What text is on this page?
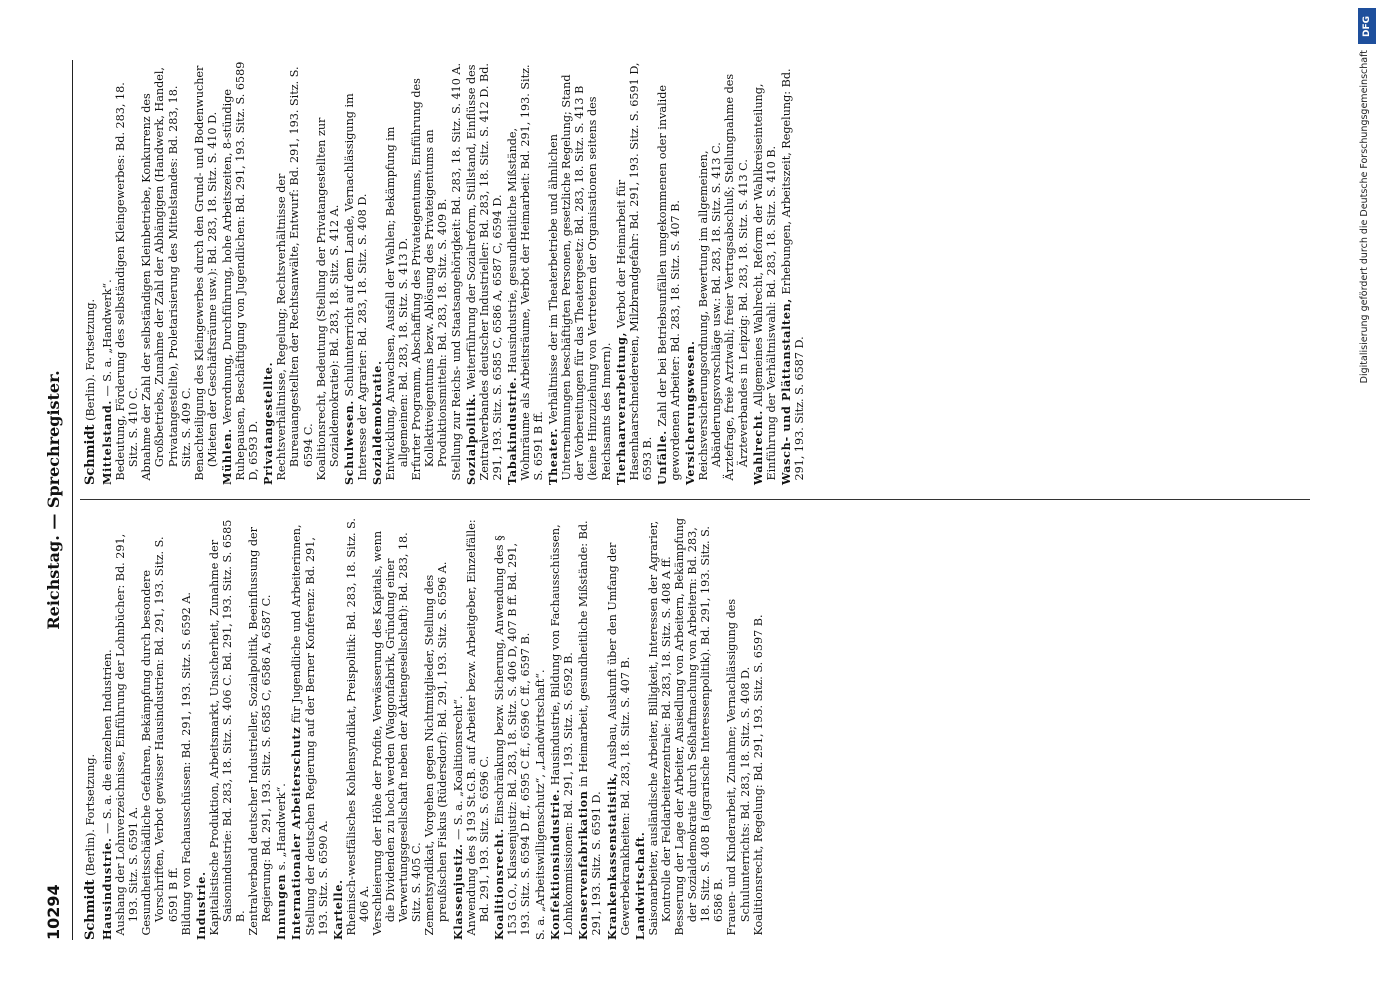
10294
Reichstag. — Sprechregister.
Schmidt (Berlin). Fortsetzung.

Hausindustrie. — S. a. die einzelnen Industrien. Aushang der Lohnverzeichnisse, Einführung der Lohnbücher: Bd. 291, 193. Sitz. S. 6591 A. Gesundheitsschädliche Gefahren, Bekämpfung durch besondere Vorschriften, Verbot gewisser Hausindustrien: Bd. 291, 193. Sitz. S. 6591 B ff. Bildung von Fachausschüssen: Bd. 291, 193. Sitz. S. 6592 A. Industrie. Kapitalistische Produktion, Arbeitsmarkt, Unsicherheit, Zunahme der Saisonindustrie: Bd. 283, 18. Sitz. S. 406 C. Bd. 291, 193. Sitz. S. 6585 B. Zentralverband deutscher Industrieller, Sozialpolitik, Beeinflussung der Regierung: Bd. 291, 193. Sitz. S. 6585 C, 6586 A, 6587 C. Innungen s. „Handwerk“. Internationaler Arbeiterschutz für Jugendliche und Arbeiterinnen, Stellung der deutschen Regierung auf der Berner Konferenz: Bd. 291, 193. Sitz. S. 6590 A. Kartelle. Rheinisch-westfälisches Kohlensyndikat, Preispolitik: Bd. 283, 18. Sitz. S. 406 A. Verschleierung der Höhe der Profite, Verwässerung des Kapitals, wenn die Dividenden zu hoch werden (Waggonfabrik, Gründung einer Verwertungsgesellschaft neben der Aktiengesellschaft): Bd. 283, 18. Sitz. S. 405 C. Zementsyndikat, Vorgehen gegen Nichtmitglieder, Stellung des preußischen Fiskus (Rüdersdorf): Bd. 291, 193. Sitz. S. 6596 A. Klassenjustiz. — S. a. „Koalitionsrecht“. Anwendung des § 193 St.G.B. auf Arbeiter bezw. Arbeitgeber, Einzelfälle: Bd. 291, 193. Sitz. S. 6596 C. Koalitionsrecht. Einschränkung bezw. Sicherung, Anwendung des § 153 G.O., Klassenjustiz: Bd. 283, 18. Sitz. S. 406 D, 407 B ff. Bd. 291, 193. Sitz. S. 6594 D ff., 6595 C ff., 6596 C ff., 6597 B. S. a. „Arbeitswilligenschutz“, „Landwirtschaft“. Konfektionsindustrie. Hausindustrie, Bildung von Fachausschüssen, Lohnkommissionen: Bd. 291, 193. Sitz. S. 6592 B. Konservenfabrikation in Heimarbeit, gesundheitliche Mißstände: Bd. 291, 193. Sitz. S. 6591 D. Krankenkassenstatistik, Ausbau, Auskunft über den Umfang der Gewerbekrankheiten: Bd. 283, 18. Sitz. S. 407 B. Landwirtschaft. Saisonarbeiter, ausländische Arbeiter, Billigkeit, Interessen der Agrarier, Kontrolle der Feldarbeiterzentrale: Bd. 283, 18. Sitz. S. 408 A ff. Besserung der Lage der Arbeiter, Ansiedlung von Arbeitern, Bekämpfung der Sozialdemokratie durch Seßhaftmachung von Arbeitern: Bd. 283, 18. Sitz. S. 408 B (agrarische Interessenpolitik). Bd. 291, 193. Sitz. S. 6586 B. Frauen- und Kinderarbeit, Zunahme; Vernachlässigung des Schulunterrichts: Bd. 283, 18. Sitz. S. 408 D. Koalitionsrecht, Regelung: Bd. 291, 193. Sitz. S. 6597 B.

Schmidt (Berlin). Fortsetzung.

Mittelstand. — S. a. „Handwerk“. Bedeutung, Förderung des selbständigen Kleingewerbes: Bd. 283, 18. Sitz. S. 410 C. Abnahme der Zahl der selbständigen Kleinbetriebe, Konkurrenz des Großbetriebs, Zunahme der Zahl der Abhängigen (Handwerk, Handel, Privatangestellte), Proletarisierung des Mittelstandes: Bd. 283, 18. Sitz. S. 409 C. Benachteiligung des Kleingewerbes durch den Grund- und Bodenwucher (Mieten der Geschäftsräume usw.): Bd. 283, 18. Sitz. S. 410 D. Mühlen. Verordnung, Durchführung, hohe Arbeitszeiten, 8-stündige Ruhepausen, Beschäftigung von Jugendlichen: Bd. 291, 193. Sitz. S. 6589 D, 6593 D. Privatangestellte. Rechtsverhältnisse, Regelung; Rechtsverhältnisse der Bureauangestellten der Rechtsanwälte, Entwurf: Bd. 291, 193. Sitz. S. 6594 C. Koalitionsrecht, Bedeutung (Stellung der Privatangestellten zur Sozialdemokratie): Bd. 283, 18. Sitz. S. 412 A. Schulwesen. Schulunterricht auf dem Lande, Vernachlässigung im Interesse der Agrarier: Bd. 283, 18. Sitz. S. 408 D. Sozialdemokratie. Entwicklung, Anwachsen, Ausfall der Wahlen; Bekämpfung im allgemeinen: Bd. 283, 18. Sitz. S. 413 D. Erfurter Programm, Abschaffung des Privateigentums, Einführung des Kollektiveigentums bezw. Ablösung des Privateigentums an Produktionsmitteln: Bd. 283, 18. Sitz. S. 409 B. Stellung zur Reichs- und Staatsangehörigkeit: Bd. 283, 18. Sitz. S. 410 A. Sozialpolitik. Weiterführung der Sozialreform, Stillstand, Einflüsse des Zentralverbandes deutscher Industrieller: Bd. 283, 18. Sitz. S. 412 D. Bd. 291, 193. Sitz. S. 6585 C, 6586 A, 6587 C, 6594 D. Tabakindustrie. Hausindustrie, gesundheitliche Mißstände, Wohnräume als Arbeitsräume, Verbot der Heimarbeit: Bd. 291, 193. Sitz. S. 6591 B ff. Theater. Verhältnisse der im Theaterbetriebe und ähnlichen Unternehmungen beschäftigten Personen, gesetzliche Regelung; Stand der Vorbereitungen für das Theatergesetz: Bd. 283, 18. Sitz. S. 413 B (keine Hinzuziehung von Vertretern der Organisationen seitens des Reichsamts des Innern). Tierhaarverarbeitung, Verbot der Heimarbeit für Hasenhaarschneidereien, Milzbrandgefahr: Bd. 291, 193. Sitz. S. 6591 D, 6593 B. Unfälle. Zahl der bei Betriebsunfällen umgekommenen oder invalide gewordenen Arbeiter: Bd. 283, 18. Sitz. S. 407 B. Versicherungswesen. Reichsversicherungsordnung, Bewertung im allgemeinen, Abänderungsvorschläge usw.: Bd. 283, 18. Sitz. S. 413 C. Ärztefrage, freie Arztwahl; freier Vertragsabschluß; Stellungnahme des Ärzteverbandes in Leipzig: Bd. 283, 18. Sitz. S. 413 C. Wahlrecht. Allgemeines Wahlrecht, Reform der Wahlkreiseinteilung, Einführung der Verhältniswahl: Bd. 283, 18. Sitz. S. 410 B. Wasch- und Plättanstalten, Erhebungen, Arbeitszeit, Regelung: Bd. 291, 193. Sitz. S. 6587 D.

DFG
Digitalisierung gefördert durch die Deutsche Forschungsgemeinschaft
